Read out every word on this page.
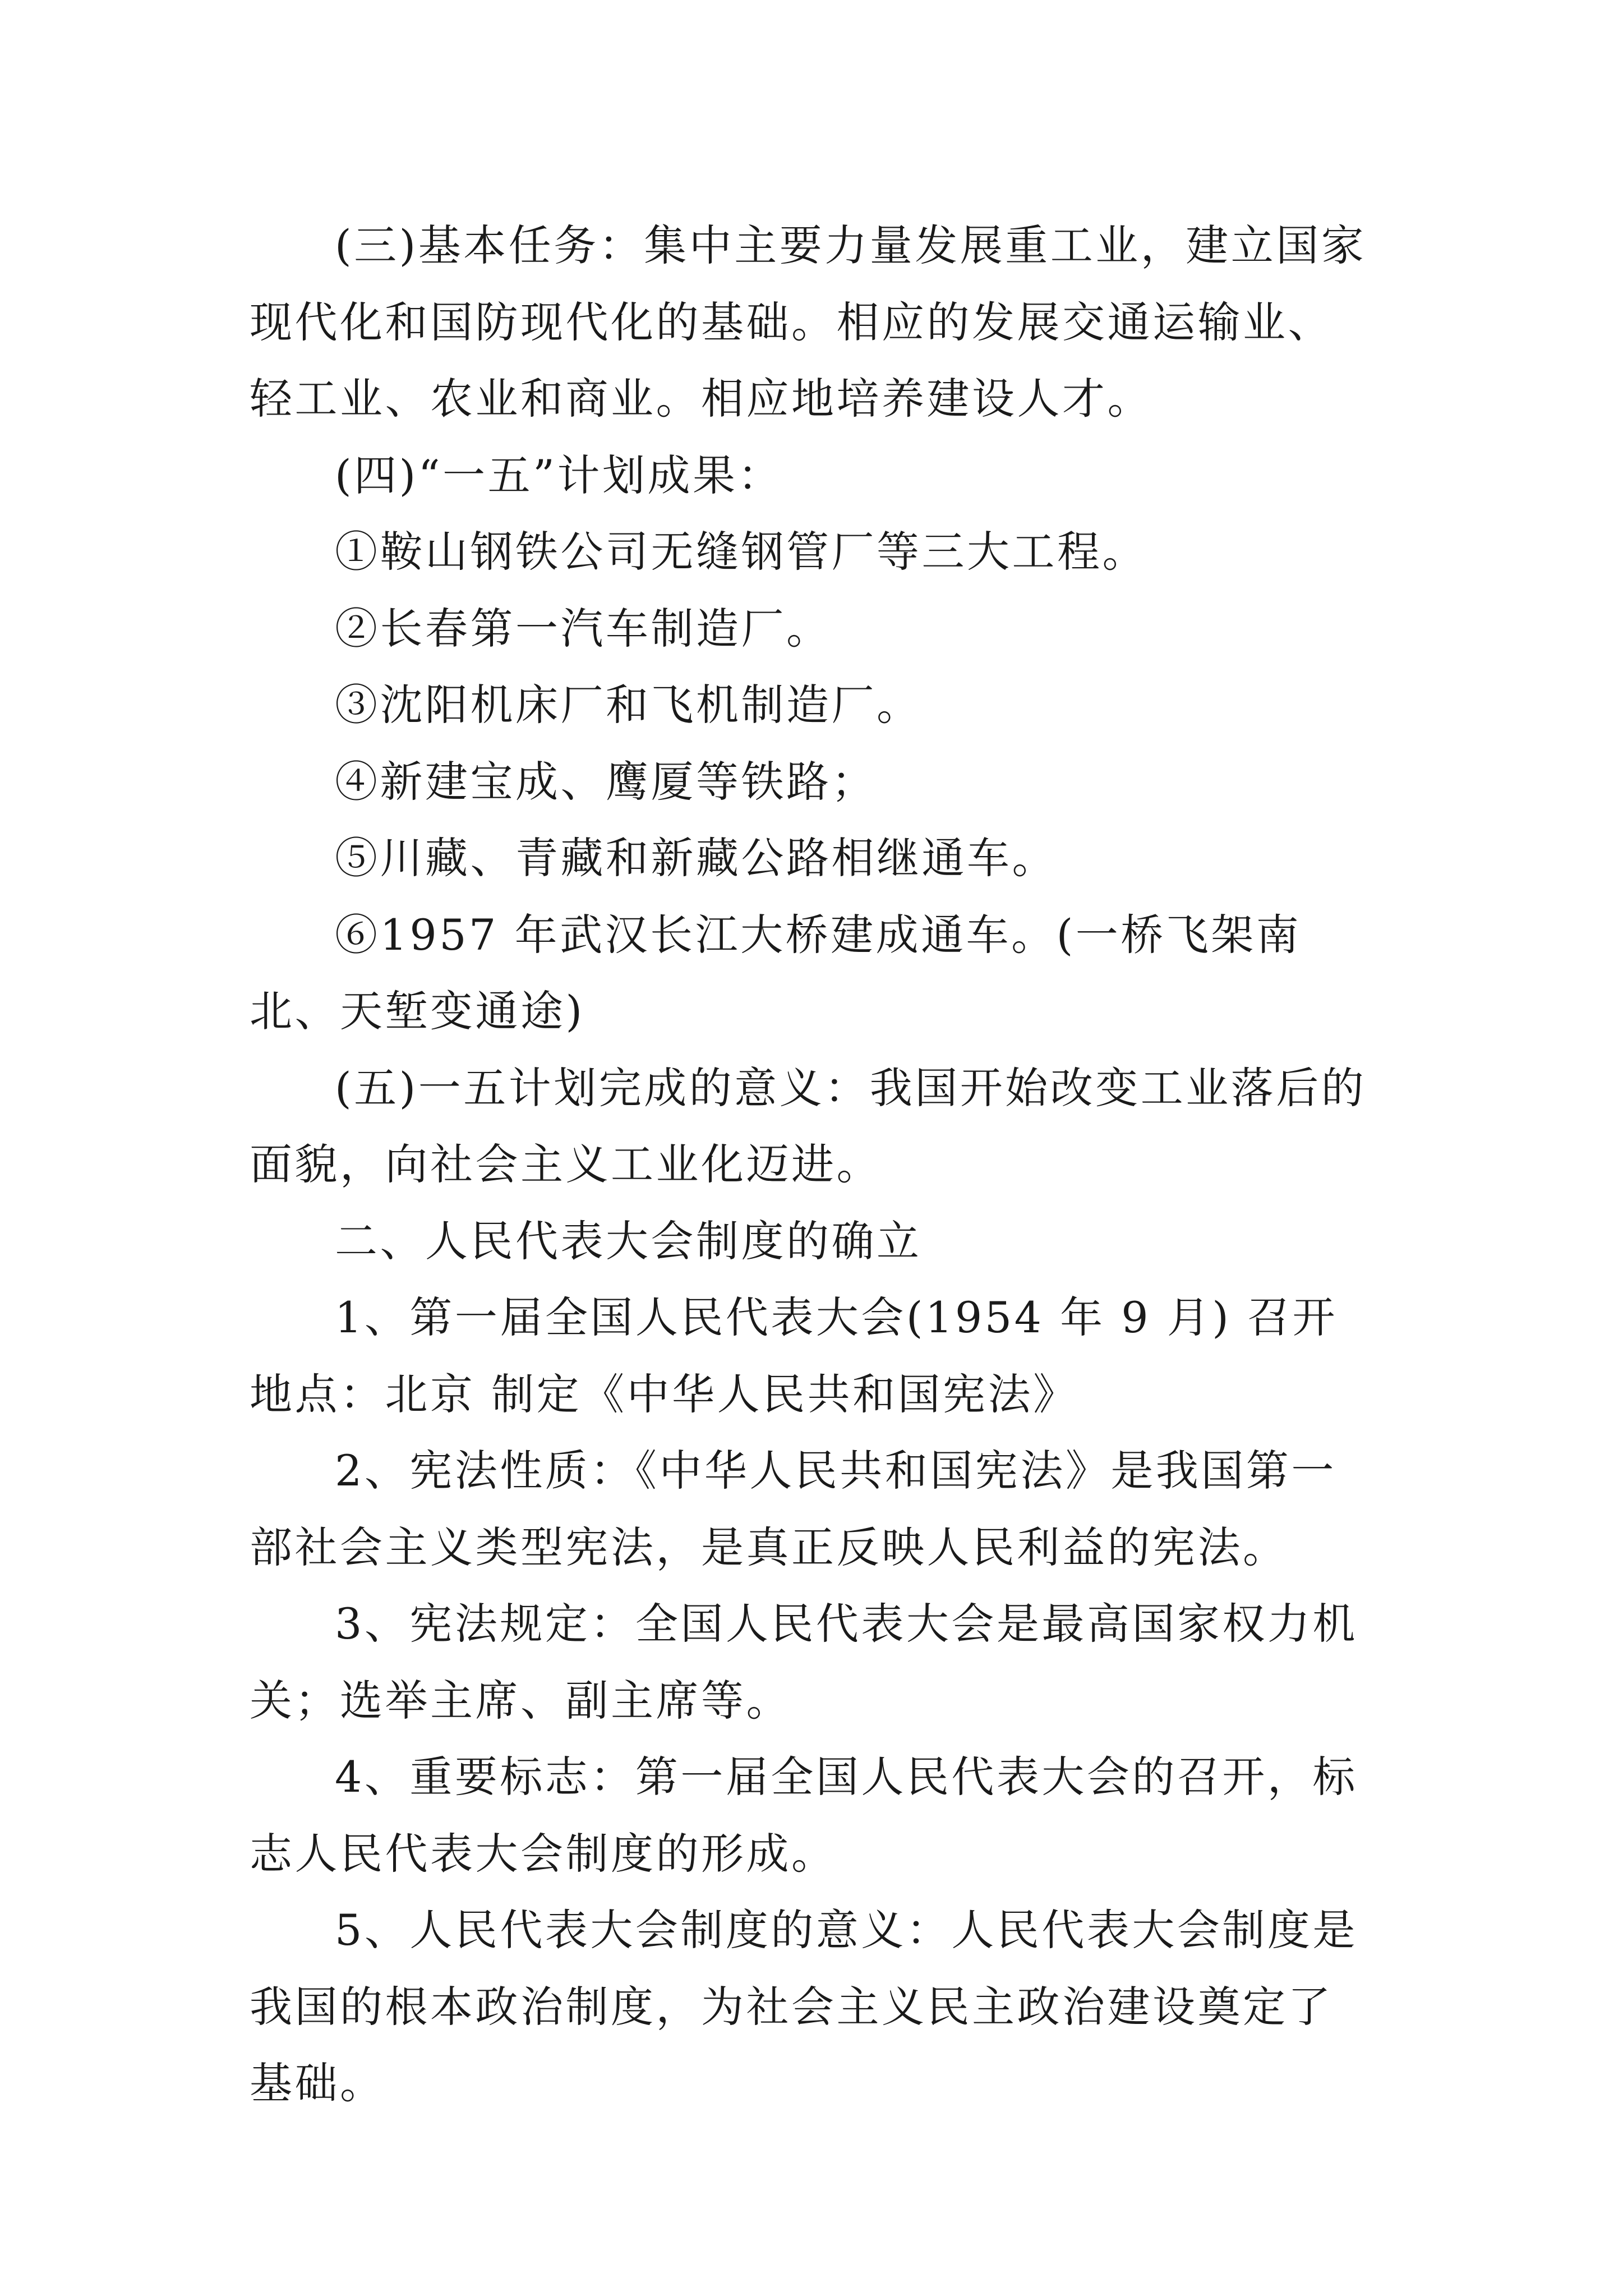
(三)基本任务：集中主要力量发展重工业，建立国家现代化和国防现代化的基础。相应的发展交通运输业、轻工业、农业和商业。相应地培养建设人才。

(四)“一五”计划成果：

①鞍山钢铁公司无缝钢管厂等三大工程。

②长春第一汽车制造厂。

③沈阳机床厂和飞机制造厂。

④新建宝成、鹰厦等铁路；

⑤川藏、青藏和新藏公路相继通车。

⑥1957 年武汉长江大桥建成通车。(一桥飞架南北、天堑变通途)

(五)一五计划完成的意义：我国开始改变工业落后的面貌，向社会主义工业化迈进。

二、人民代表大会制度的确立

1、第一届全国人民代表大会(1954 年 9 月) 召开地点：北京 制定《中华人民共和国宪法》

2、宪法性质：《中华人民共和国宪法》是我国第一部社会主义类型宪法，是真正反映人民利益的宪法。

3、宪法规定：全国人民代表大会是最高国家权力机关；选举主席、副主席等。

4、重要标志：第一届全国人民代表大会的召开，标志人民代表大会制度的形成。

5、人民代表大会制度的意义：人民代表大会制度是我国的根本政治制度，为社会主义民主政治建设奠定了基础。
